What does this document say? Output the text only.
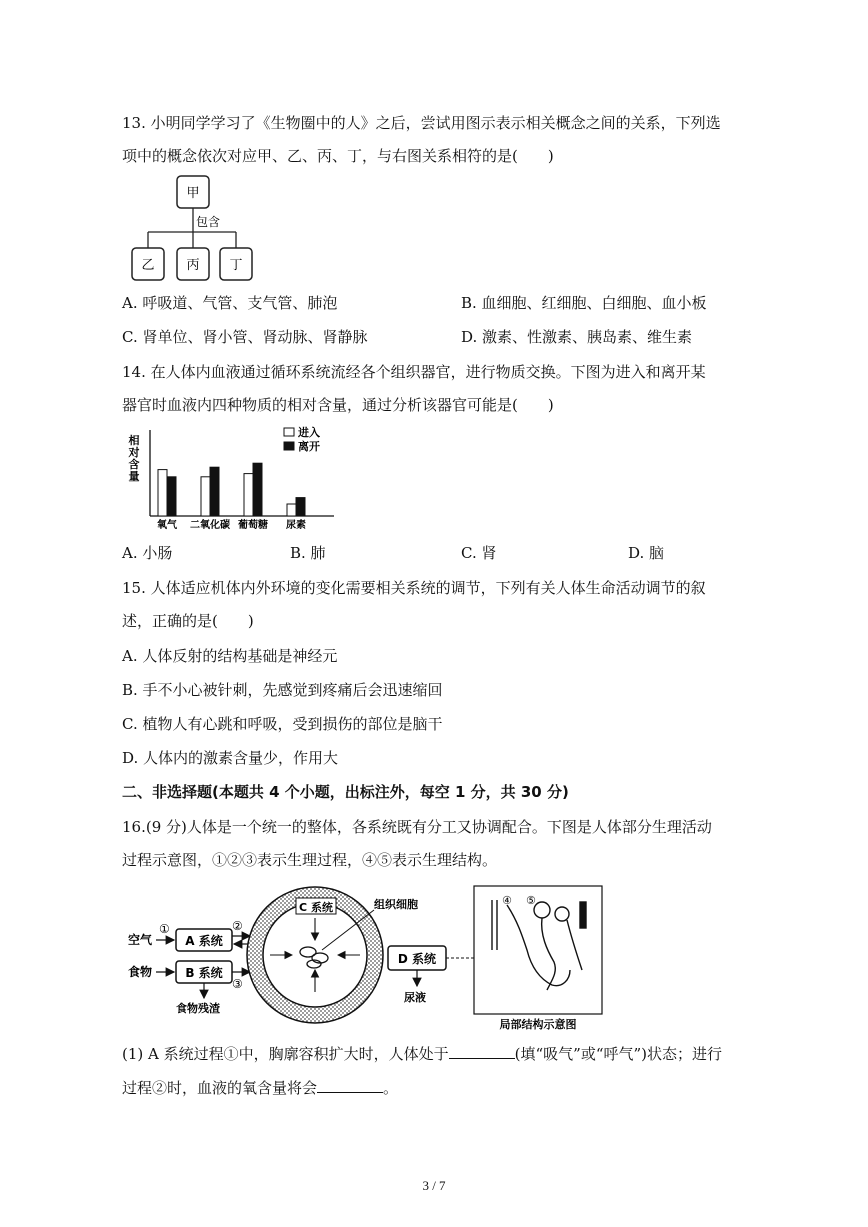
13. 小明同学学习了《生物圈中的人》之后，尝试用图示表示相关概念之间的关系，下列选
项中的概念依次对应甲、乙、丙、丁，与右图关系相符的是(　　)
甲
包含
乙 丙 丁
A. 呼吸道、气管、支气管、肺泡	B. 血细胞、红细胞、白细胞、血小板
C. 肾单位、肾小管、肾动脉、肾静脉	D. 激素、性激素、胰岛素、维生素
14. 在人体内血液通过循环系统流经各个组织器官，进行物质交换。下图为进入和离开某
器官时血液内四种物质的相对含量，通过分析该器官可能是(　　)
相对含量
氧气 二氧化碳 葡萄糖 尿素
进入
离开
A. 小肠	B. 肺	C. 肾	D. 脑
15. 人体适应机体内外环境的变化需要相关系统的调节，下列有关人体生命活动调节的叙
述，正确的是(　　)
A. 人体反射的结构基础是神经元
B. 手不小心被针刺，先感觉到疼痛后会迅速缩回
C. 植物人有心跳和呼吸，受到损伤的部位是脑干
D. 人体内的激素含量少，作用大
二、非选择题(本题共 4 个小题，出标注外，每空 1 分，共 30 分)
16.(9 分)人体是一个统一的整体，各系统既有分工又协调配合。下图是人体部分生理活动
过程示意图，①②③表示生理过程，④⑤表示生理结构。
空气
食物
①
A 系统
B 系统
②
③
食物残渣
C 系统	组织细胞
D 系统
尿液
④ ⑤
局部结构示意图
(1) A 系统过程①中，胸廓容积扩大时，人体处于	(填“吸气”或“呼气”)状态；进行
过程②时，血液的氧含量将会	。
3 / 7
